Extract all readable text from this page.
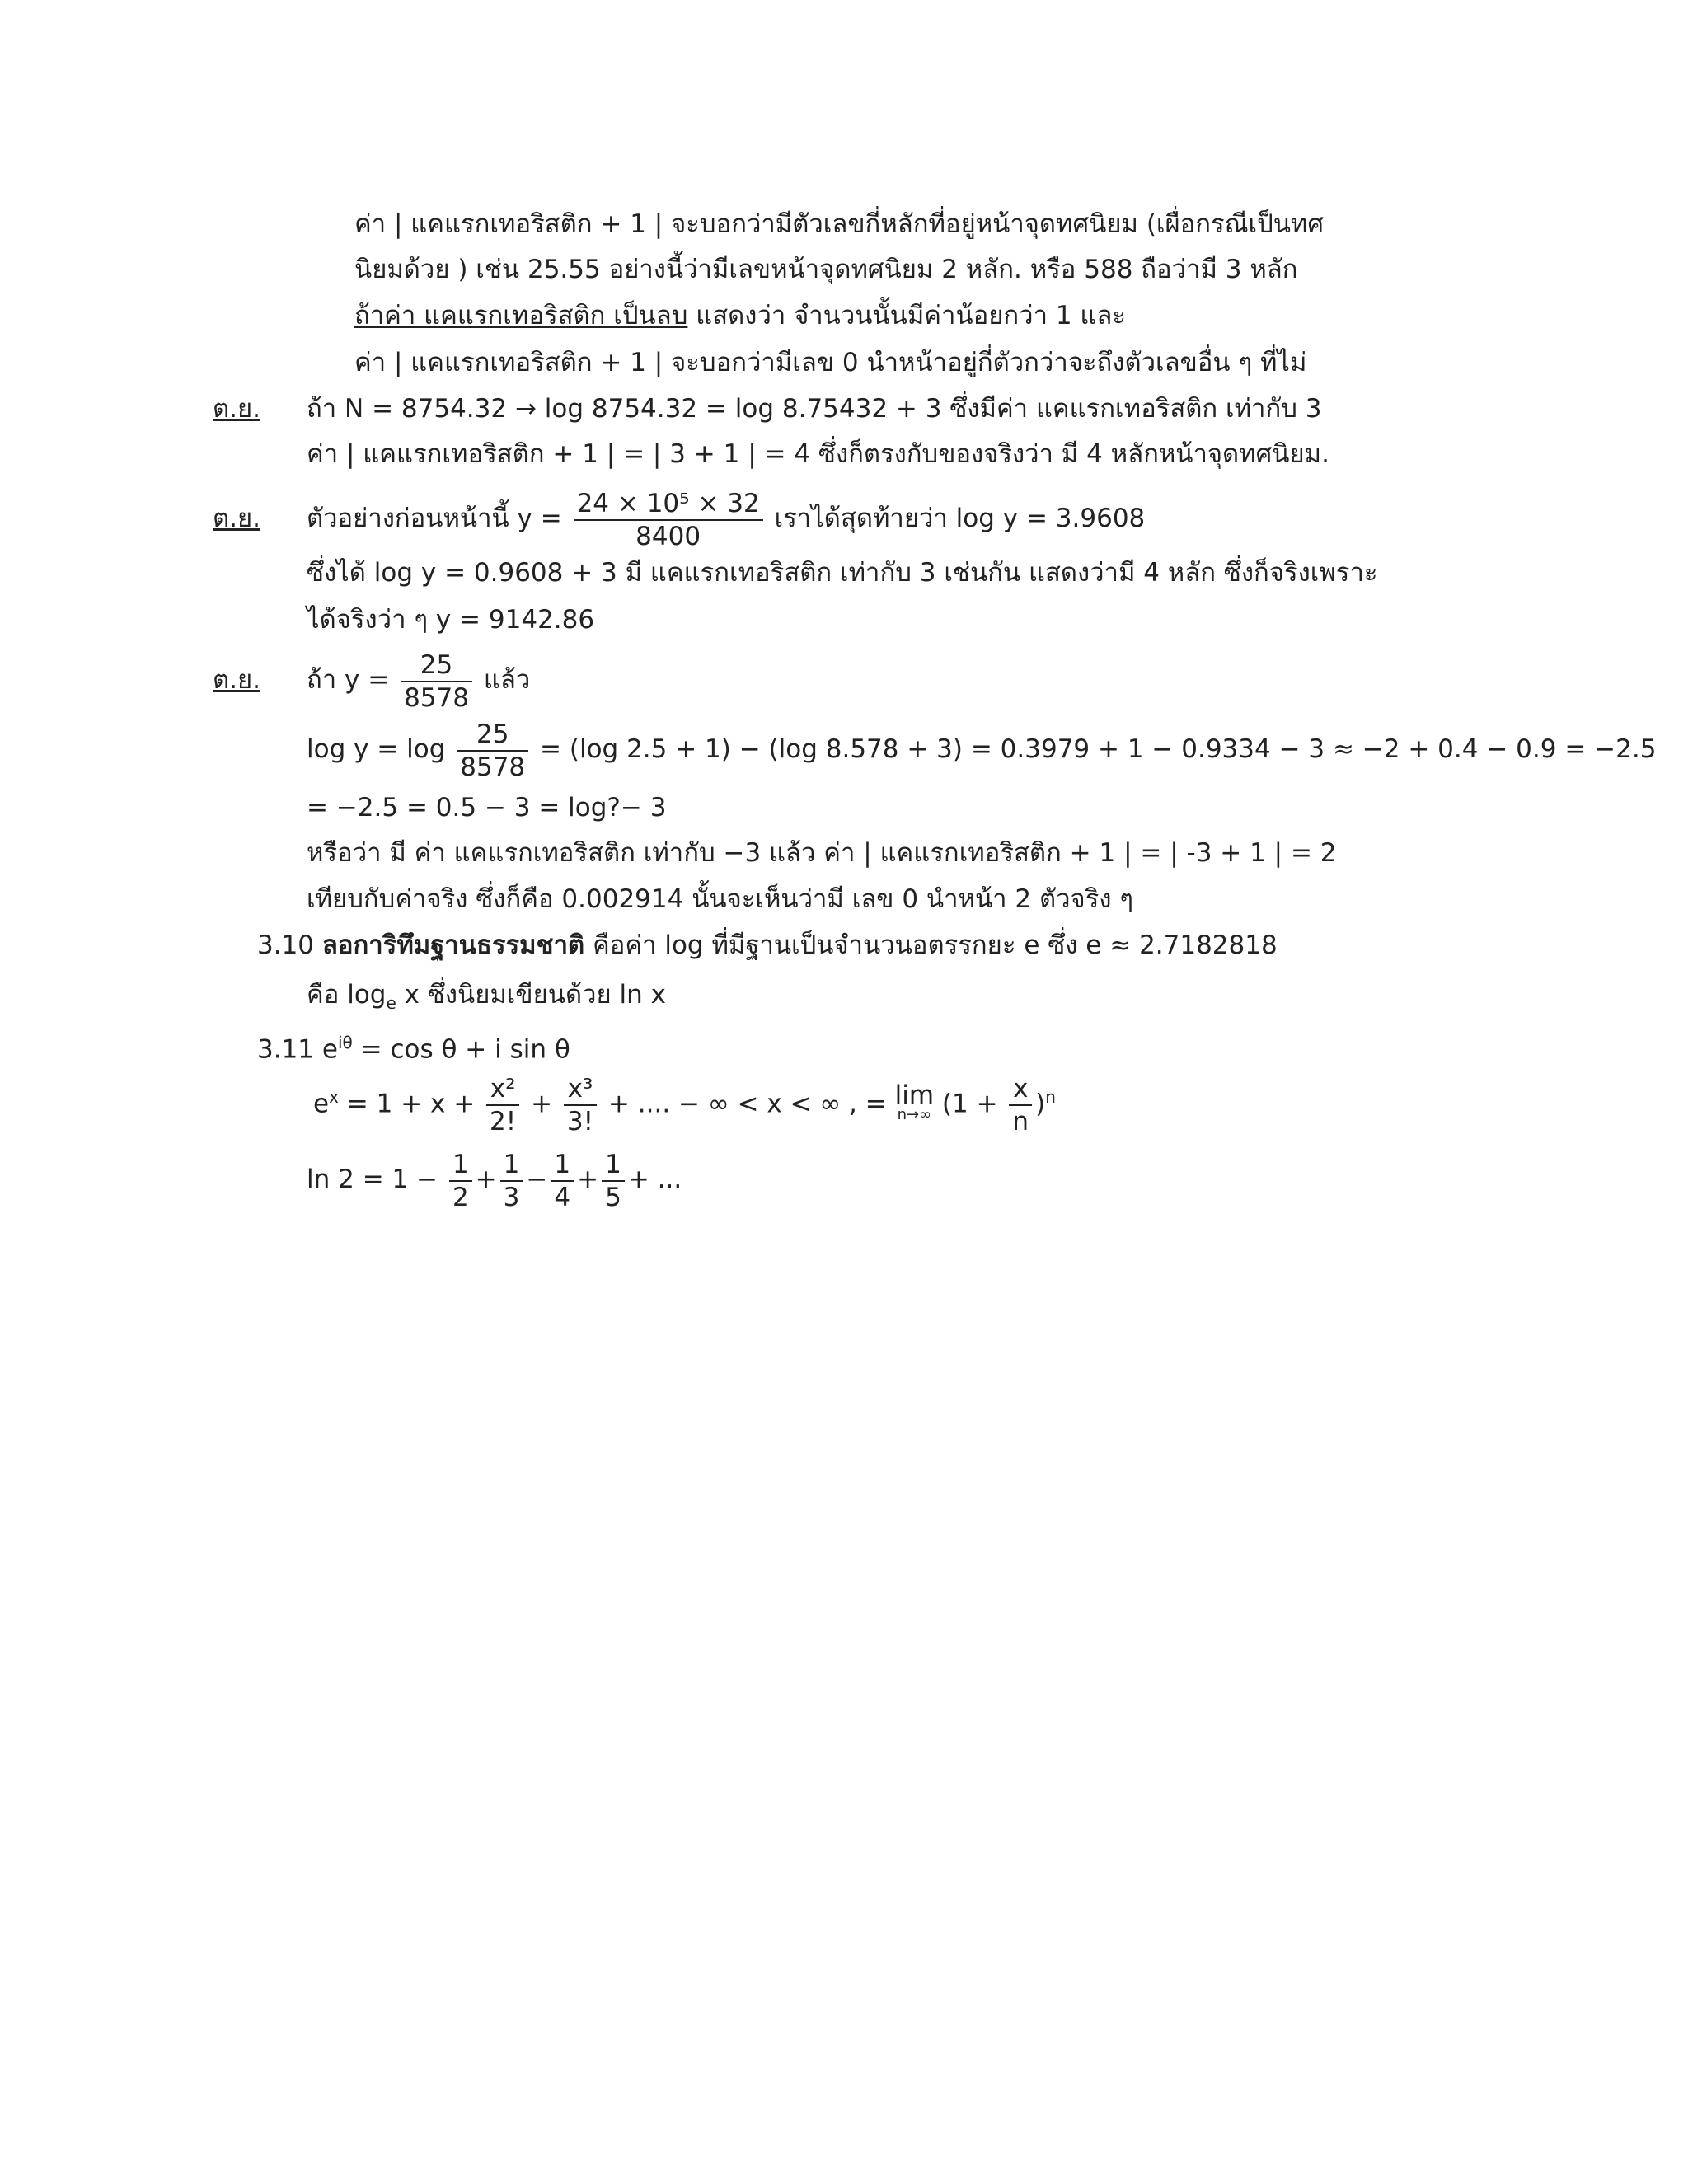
ค่า | แคแรกเทอริสติก + 1 | จะบอกว่ามีตัวเลขกี่หลักที่อยู่หน้าจุดทศนิยม (เผื่อกรณีเป็นทศ
นิยมด้วย ) เช่น 25.55 อย่างนี้ว่ามีเลขหน้าจุดทศนิยม 2 หลัก. หรือ 588 ถือว่ามี 3 หลัก
ถ้าค่า แคแรกเทอริสติก เป็นลบ แสดงว่า จำนวนนั้นมีค่าน้อยกว่า 1 และ
ค่า | แคแรกเทอริสติก + 1 | จะบอกว่ามีเลข 0 นำหน้าอยู่กี่ตัวกว่าจะถึงตัวเลขอื่น ๆ ที่ไม่
ต.ย. ถ้า N = 8754.32 → log 8754.32 = log 8.75432 + 3 ซึ่งมีค่า แคแรกเทอริสติก เท่ากับ 3
ค่า | แคแรกเทอริสติก + 1 | = | 3 + 1 | = 4 ซึ่งก็ตรงกับของจริงว่า มี 4 หลักหน้าจุดทศนิยม.
ต.ย. ตัวอย่างก่อนหน้านี้ $y = \frac{\text{24 × 10⁵ × 32}}{8400}$ เราได้สุดท้ายว่า log y = 3.9608
ซึ่งได้ log y = 0.9608 + 3 มี แคแรกเทอริสติก เท่ากับ 3 เช่นกัน แสดงว่ามี 4 หลัก ซึ่งก็จริงเพราะ
ได้จริงว่า ๆ y = 9142.86
ต.ย. ถ้า $y = \frac{25}{8578}$ แล้ว
$\log y = \log \frac{25}{8578} = (\log$ 2.5 + 1) − (log 8.578 + 3) = 0.3979 + 1 − 0.9334 − 3 ≈ −2 + 0.4 − 0.9 = −2.5
= −2.5 = 0.5 − 3 = log?− 3
หรือว่า มี ค่า แคแรกเทอริสติก เท่ากับ −3 แล้ว ค่า | แคแรกเทอริสติก + 1 | = | -3 + 1 | = 2
เทียบกับค่าจริง ซึ่งก็คือ 0.002914 นั้นจะเห็นว่ามี เลข 0 นำหน้า 2 ตัวจริง ๆ
3.10 ลอการิทึมฐานธรรมชาติ คือค่า log ที่มีฐานเป็นจำนวนอตรรกยะ e ซึ่ง e ≈ 2.7182818
คือ $\log_e x$ ซึ่งนิยมเขียนด้วย ln x
3.11 $e^{i\theta} = \cos \theta + i$ sin θ
$e^x = 1 + x + \frac{\text{x²}}{2!} + \frac{\text{x³}}{3!}$ + .... − ∞ < x < ∞ , = lim
n→∞ $(1 + \frac{x}{n} )^n$
$\ln 2 = 1 - \frac{1}{2} + \frac{1}{3} - \frac{1}{4} + \frac{1}{5}$ + ...
